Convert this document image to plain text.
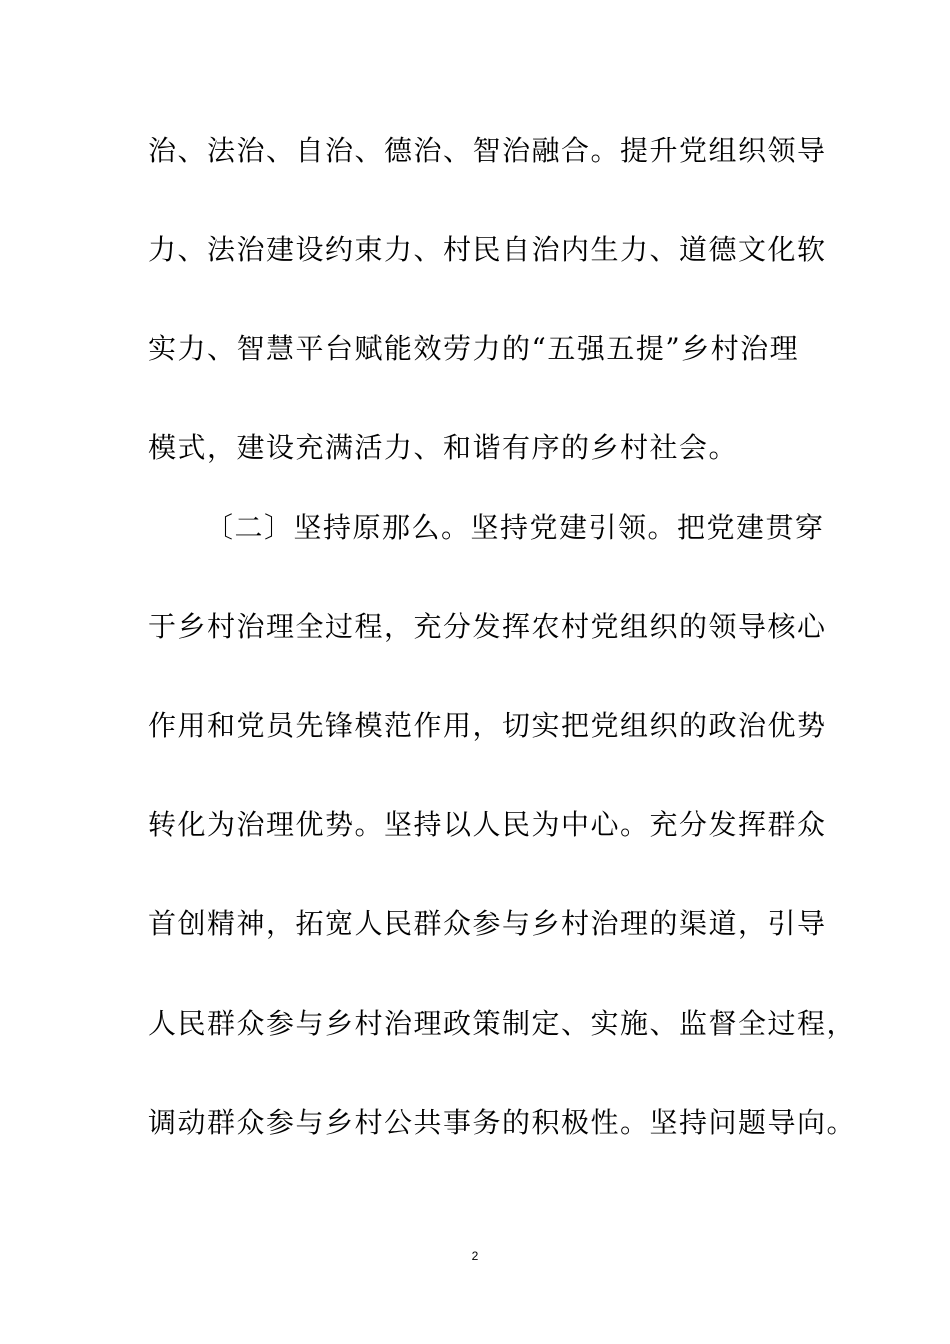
治、法治、自治、德治、智治融合。提升党组织领导
力、法治建设约束力、村民自治内生力、道德文化软
实力、智慧平台赋能效劳力的“五强五提”乡村治理
模式，建设充满活力、和谐有序的乡村社会。
〔二〕坚持原那么。坚持党建引领。把党建贯穿
于乡村治理全过程，充分发挥农村党组织的领导核心
作用和党员先锋模范作用，切实把党组织的政治优势
转化为治理优势。坚持以人民为中心。充分发挥群众
首创精神，拓宽人民群众参与乡村治理的渠道，引导
人民群众参与乡村治理政策制定、实施、监督全过程，
调动群众参与乡村公共事务的积极性。坚持问题导向。
2
